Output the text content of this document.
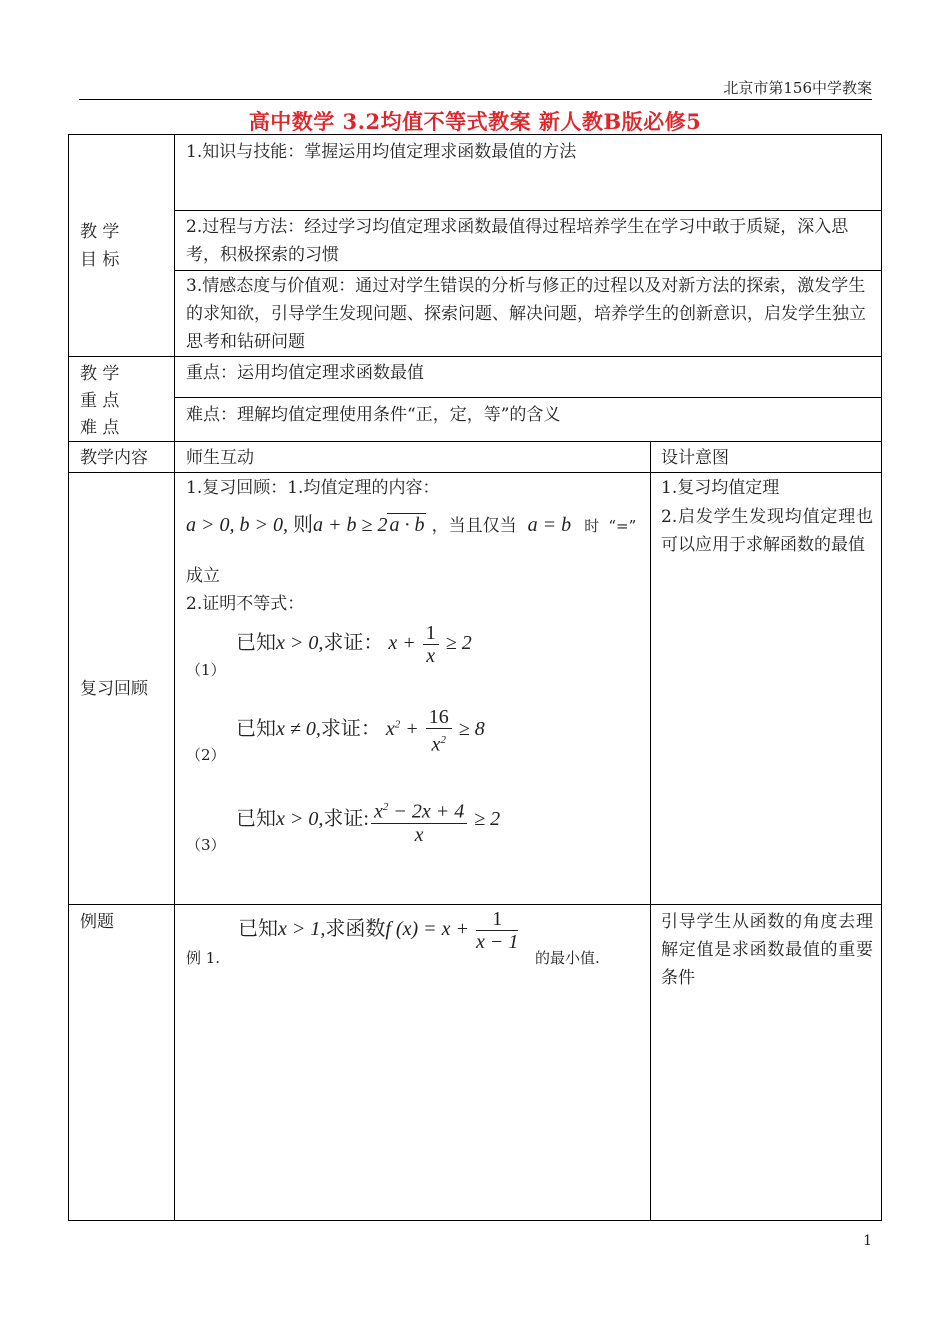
北京市第156中学教案
高中数学 3.2均值不等式教案 新人教B版必修5
教 学
目 标
1.知识与技能：掌握运用均值定理求函数最值的方法
2.过程与方法：经过学习均值定理求函数最值得过程培养学生在学习中敢于质疑，深入思考，积极探索的习惯
3.情感态度与价值观：通过对学生错误的分析与修正的过程以及对新方法的探索，激发学生的求知欲，引导学生发现问题、探索问题、解决问题，培养学生的创新意识，启发学生独立思考和钻研问题
教 学
重 点
难 点
重点：运用均值定理求函数最值
难点：理解均值定理使用条件“正，定，等”的含义
教学内容 师生互动	设计意图
复习回顾
1.复习回顾：1.均值定理的内容：
a > 0, b > 0, 则a + b ≥ 2 a · b ，当且仅当 a = b 时 “=”
成立
2.证明不等式：
（1）
已知x > 0,求证： $x + \frac{1}{x} \ge 2$
（2）
已知x ≠ 0,求证： $x^2 + \frac{16}{x^2} \ge 8$
（3）
已知x > 0,求证: $\frac{x^2 - 2x + 4}{x} \ge 2$
1.复习均值定理
2.启发学生发现均值定理也可以应用于求解函数的最值
例题
例 1.
已知x > 1,求函数f $(x) = x + \frac{1}{x - 1}$
的最小值.
引导学生从函数的角度去理解定值是求函数最值的重要条件
1
